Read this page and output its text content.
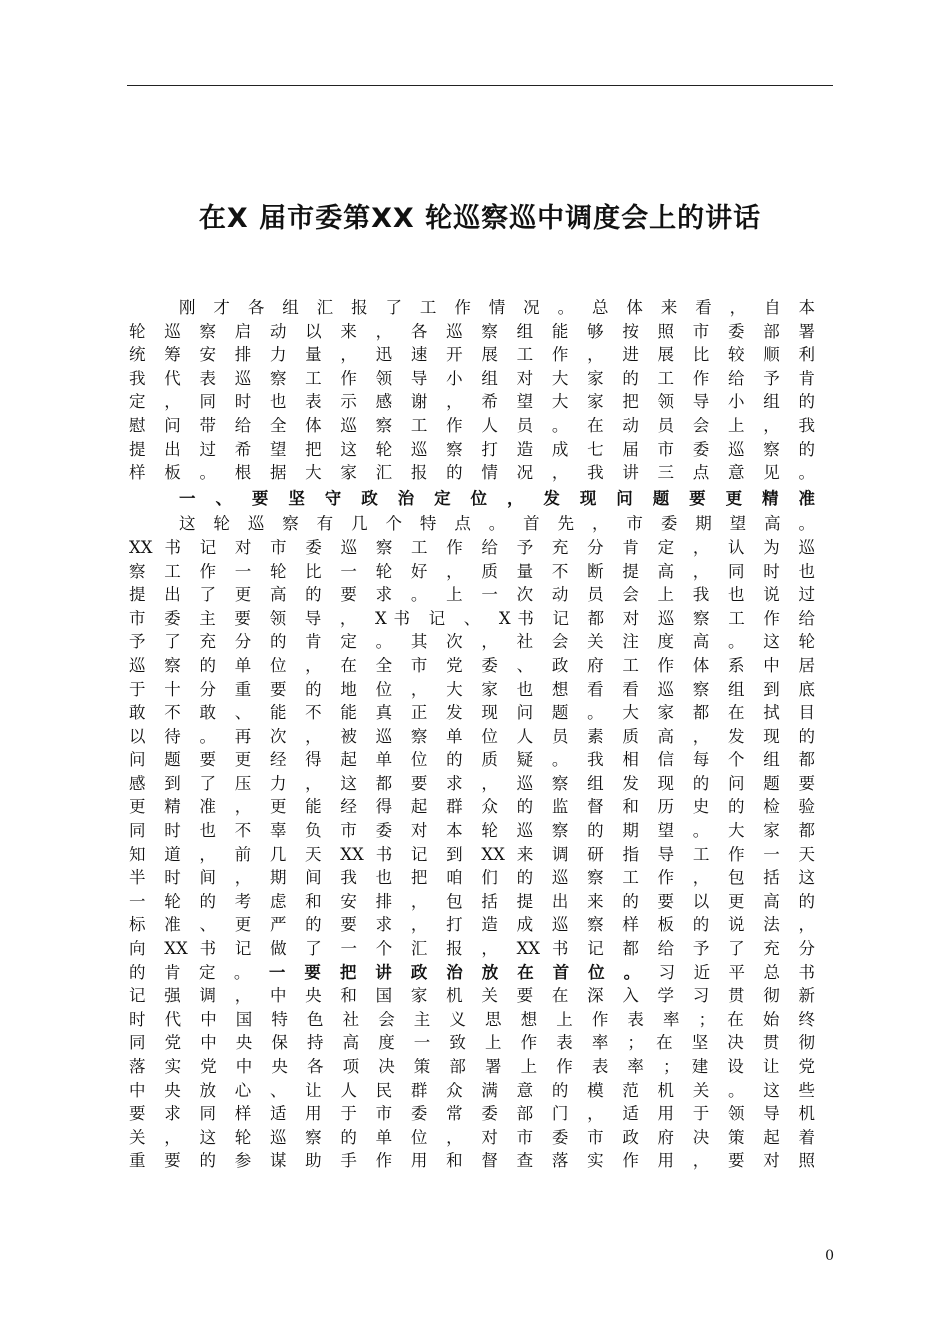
在X 届市委第XX 轮巡察巡中调度会上的讲话
刚 才 各 组 汇 报 了 工 作 情 况 。 总 体 来 看 ， 自 本
轮 巡 察 启 动 以 来 ， 各 巡 察 组 能 够 按 照 市 委 部 署
统 筹 安 排 力 量 ， 迅 速 开 展 工 作 ， 进 展 比 较 顺 利
我 代 表 巡 察 工 作 领 导 小 组 对 大 家 的 工 作 给 予 肯
定 ， 同 时 也 表 示 感 谢 ， 希 望 大 家 把 领 导 小 组 的
慰 问 带 给 全 体 巡 察 工 作 人 员 。 在 动 员 会 上 ， 我
提 出 过 希 望 把 这 轮 巡 察 打 造 成 七 届 市 委 巡 察 的
样 板 。 根 据 大 家 汇 报 的 情 况 ， 我 讲 三 点 意 见 。
一 、 要 坚 守 政 治 定 位 ， 发 现 问 题 要 更 精 准
这 轮 巡 察 有 几 个 特 点 。 首 先 ， 市 委 期 望 高 。
XX 书 记 对 市 委 巡 察 工 作 给 予 充 分 肯 定 ， 认 为 巡
察 工 作 一 轮 比 一 轮 好 ， 质 量 不 断 提 高 ， 同 时 也
提 出 了 更 高 的 要 求 。 上 一 次 动 员 会 上 我 也 说 过
市 委 主 要 领 导 ， X书 记 、 X书 记 都 对 巡 察 工 作 给
予 了 充 分 的 肯 定 。 其 次 ， 社 会 关 注 度 高 。 这 轮
巡 察 的 单 位 ， 在 全 市 党 委 、 政 府 工 作 体 系 中 居
于 十 分 重 要 的 地 位 ， 大 家 也 想 看 看 巡 察 组 到 底
敢 不 敢 、 能 不 能 真 正 发 现 问 题 。 大 家 都 在 拭 目
以 待 。 再 次 ， 被 巡 察 单 位 人 员 素 质 高 ， 发 现 的
问 题 要 更 经 得 起 单 位 的 质 疑 。 我 相 信 每 个 组 都
感 到 了 压 力 ， 这 都 要 求 ， 巡 察 组 发 现 的 问 题 要
更 精 准 ， 更 能 经 得 起 群 众 的 监 督 和 历 史 的 检 验
同 时 也 不 辜 负 市 委 对 本 轮 巡 察 的 期 望 。 大 家 都
知 道 ， 前 几 天 XX 书 记 到 XX 来 调 研 指 导 工 作 一 天
半 时 间 ， 期 间 我 也 把 咱 们 的 巡 察 工 作 ， 包 括 这
一 轮 的 考 虑 和 安 排 ， 包 括 提 出 来 的 要 以 更 高 的
标 准 、 更 严 的 要 求 ， 打 造 成 巡 察 样 板 的 说 法 ，
向 XX 书 记 做 了 一 个 汇 报 ， XX 书 记 都 给 予 了 充 分
的 肯 定 。 一 要 把 讲 政 治 放 在 首 位 。 习 近 平 总 书
记 强 调 ， 中 央 和 国 家 机 关 要 在 深 入 学 习 贯 彻 新
时 代 中 国 特 色 社 会 主 义 思 想 上 作 表 率 ； 在 始 终
同 党 中 央 保 持 高 度 一 致 上 作 表 率 ； 在 坚 决 贯 彻
落 实 党 中 央 各 项 决 策 部 署 上 作 表 率 ； 建 设 让 党
中 央 放 心 、 让 人 民 群 众 满 意 的 模 范 机 关 。 这 些
要 求 同 样 适 用 于 市 委 常 委 部 门 ， 适 用 于 领 导 机
关 ， 这 轮 巡 察 的 单 位 ， 对 市 委 市 政 府 决 策 起 着
重 要 的 参 谋 助 手 作 用 和 督 查 落 实 作 用 ， 要 对 照
0
